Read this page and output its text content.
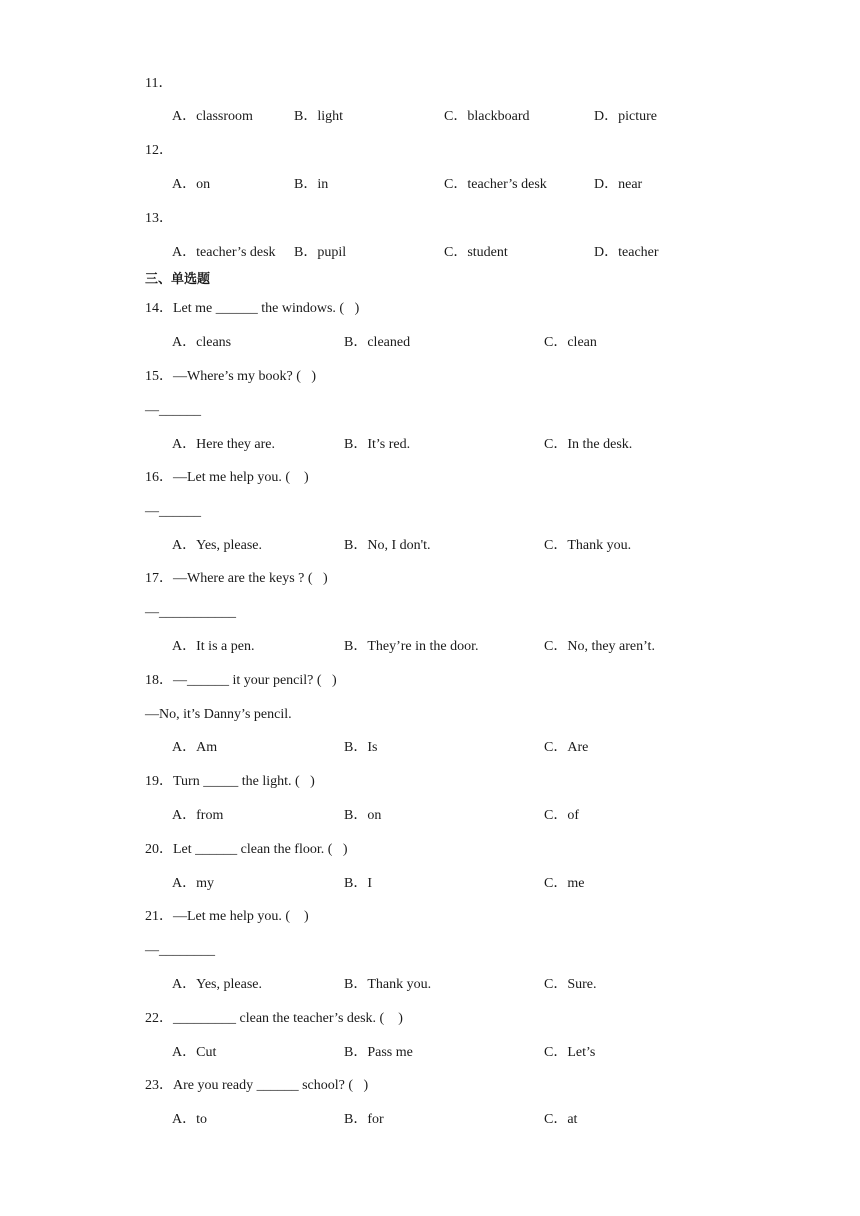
11．
A．classroom	B．light	C．blackboard	D．picture
12．
A．on	B．in	C．teacher’s desk	D．near
13．
A．teacher’s desk B．pupil	C．student	D．teacher
三、单选题
14．Let me ______ the windows. (   )
A．cleans	B．cleaned	C．clean
15．—Where’s my book? (   )
—______
A．Here they are.	B．It’s red.	C．In the desk.
16．—Let me help you. (    )
—______
A．Yes, please.	B．No, I don't.	C．Thank you.
17．—Where are the keys ? (   )
—___________
A．It is a pen.	B．They’re in the door.	C．No, they aren’t.
18．—______ it your pencil? (   )
—No, it’s Danny’s pencil.
A．Am	B．Is	C．Are
19．Turn _____ the light. (   )
A．from	B．on	C．of
20．Let ______ clean the floor. (   )
A．my	B．I	C．me
21．—Let me help you. (    )
—________
A．Yes, please.	B．Thank you.	C．Sure.
22．_________ clean the teacher’s desk. (    )
A．Cut	B．Pass me	C．Let’s
23．Are you ready ______ school? (   )
A．to	B．for	C．at
